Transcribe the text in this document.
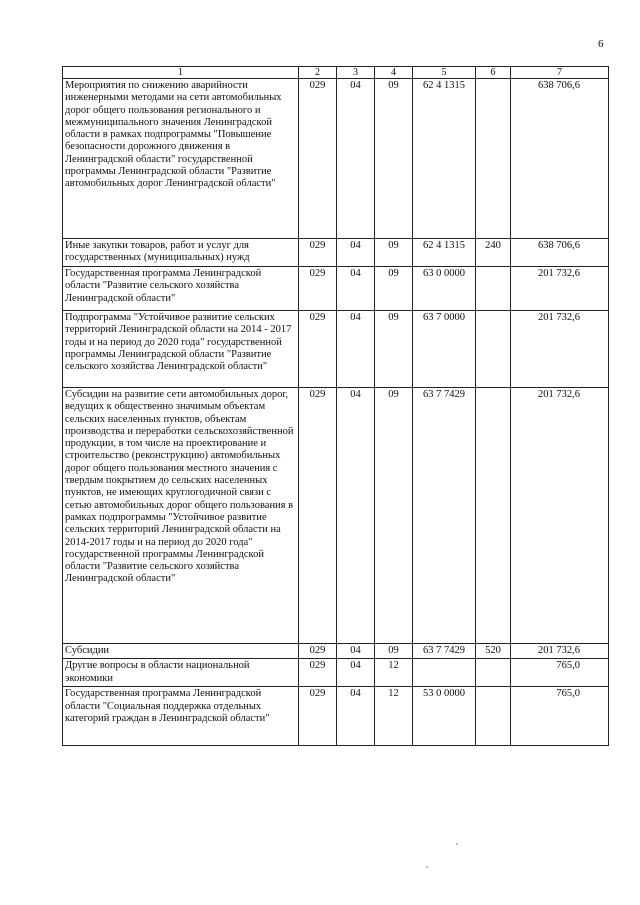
6
1	2	3	4	5	6	7
Мероприятия по снижению аварийности инженерными методами на сети автомобильных дорог общего пользования регионального и межмуниципального значения Ленинградской области в рамках подпрограммы "Повышение безопасности дорожного движения в Ленинградской области" государственной программы Ленинградской области "Развитие автомобильных дорог Ленинградской области"	029	04	09	62 4 1315		638 706,6
Иные закупки товаров, работ и услуг для государственных (муниципальных) нужд	029	04	09	62 4 1315	240	638 706,6
Государственная программа Ленинградской области "Развитие сельского хозяйства Ленинградской области"	029	04	09	63 0 0000		201 732,6
Подпрограмма "Устойчивое развитие сельских территорий Ленинградской области на 2014 - 2017 годы и на период до 2020 года" государственной программы Ленинградской области "Развитие сельского хозяйства Ленинградской области"	029	04	09	63 7 0000		201 732,6
Субсидии на развитие сети автомобильных дорог, ведущих к общественно значимым объектам сельских населенных пунктов, объектам производства и переработки сельскохозяйственной продукции, в том числе на проектирование и строительство (реконструкцию) автомобильных дорог общего пользования местного значения с твердым покрытием до сельских населенных пунктов, не имеющих круглогодичной связи с сетью автомобильных дорог общего пользования в рамках подпрограммы "Устойчивое развитие сельских территорий Ленинградской области на 2014-2017 годы и на период до 2020 года" государственной программы Ленинградской области "Развитие сельского хозяйства Ленинградской области"	029	04	09	63 7 7429		201 732,6
Субсидии	029	04	09	63 7 7429	520	201 732,6
Другие вопросы в области национальной экономики	029	04	12			765,0
Государственная программа Ленинградской области "Социальная поддержка отдельных категорий граждан в Ленинградской области"	029	04	12	53 0 0000		765,0
